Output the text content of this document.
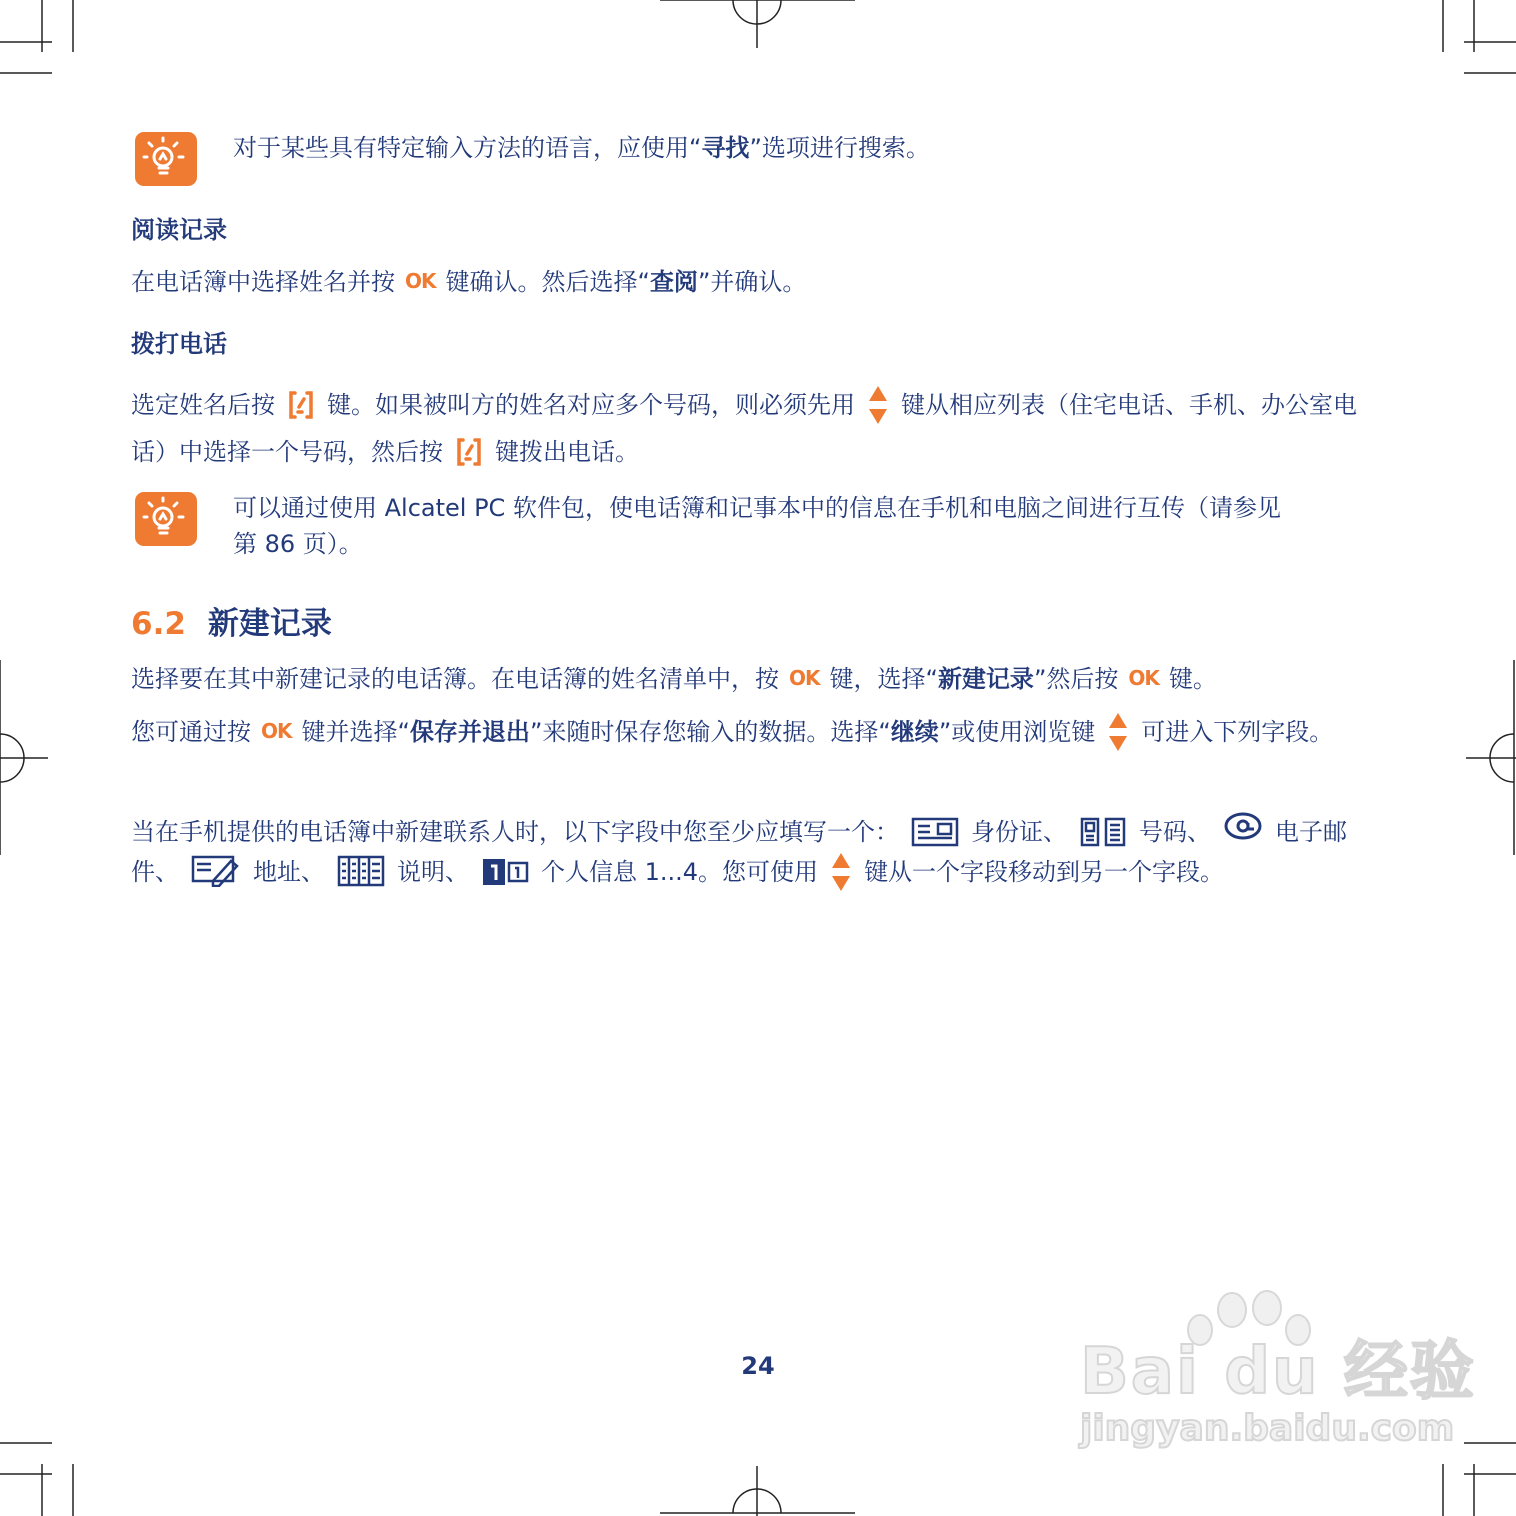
对于某些具有特定输入方法的语言，应使用“寻找”选项进行搜索。
阅读记录
在电话簿中选择姓名并按 OK 键确认。然后选择“查阅”并确认。
拨打电话
选定姓名后按 键。如果被叫方的姓名对应多个号码，则必须先用 键从相应列表（住宅电话、手机、办公室电话）中选择一个号码，然后按 键拨出电话。
可以通过使用 Alcatel PC 软件包，使电话簿和记事本中的信息在手机和电脑之间进行互传（请参见
第 86 页）。
6.2 新建记录
选择要在其中新建记录的电话簿。在电话簿的姓名清单中，按 OK 键，选择“新建记录”然后按 OK 键。
您可通过按 OK 键并选择“保存并退出”来随时保存您输入的数据。选择“继续”或使用浏览键 可进入下列字段。
当在手机提供的电话簿中新建联系人时，以下字段中您至少应填写一个：	身份证、	号码、	电子邮件、	地址、	说明、	个人信息 1...4。您可使用 键从一个字段移动到另一个字段。
24	Bai du 经验
jingyan.baidu.com
